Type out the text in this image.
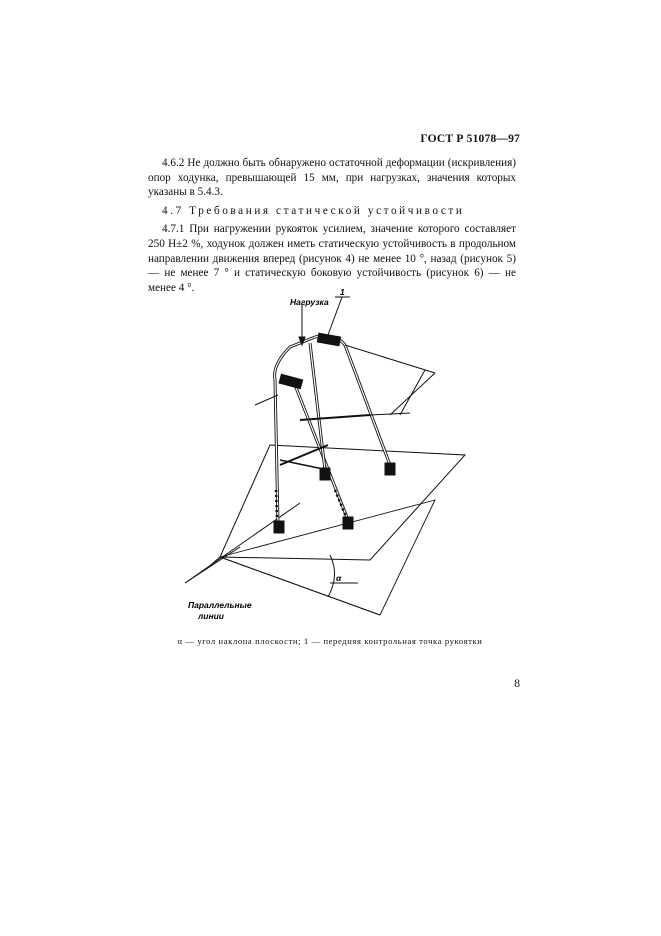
ГОСТ Р 51078—97

4.6.2 Не должно быть обнаружено остаточной деформации (искривления) опор ходунка, превышающей 15 мм, при нагрузках, значения которых указаны в 5.4.3.

4.7 Требования статической устойчивости

4.7.1 При нагружении рукояток усилием, значение которого составляет 250 Н±2 %, ходунок должен иметь статическую устойчивость в продольном направлении движения вперед (рисунок 4) не менее 10 °, назад (рисунок 5) — не менее 7 ° и статическую боковую устойчивость (рисунок 6) — не менее 4 °.

Нагрузка
1
α
Параллельные
линии
α — угол наклона плоскости; 1 — передняя контрольная точка рукоятки
8
